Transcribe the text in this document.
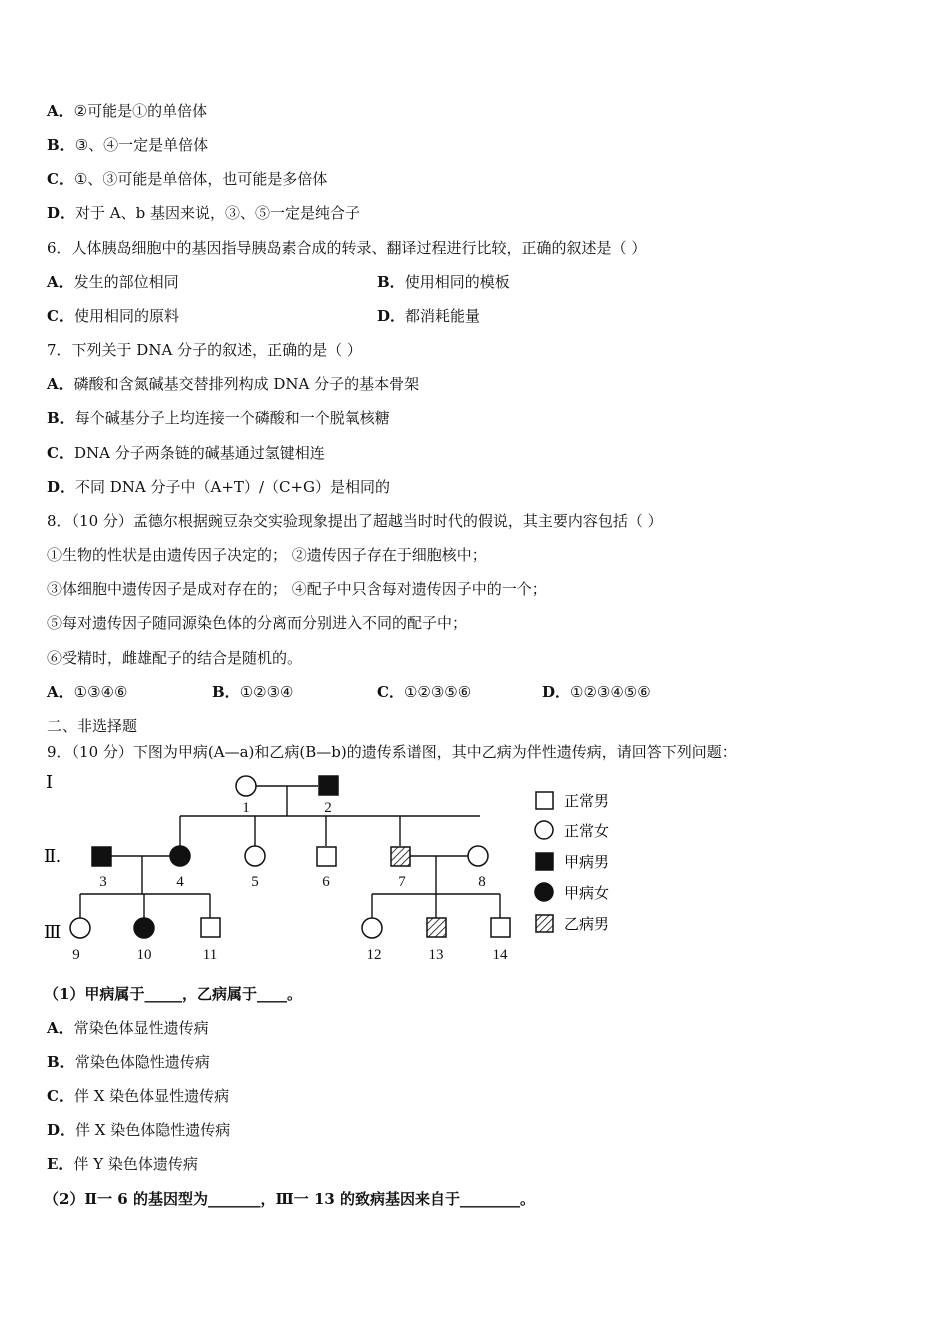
A．②可能是①的单倍体
B．③、④一定是单倍体
C．①、③可能是单倍体，也可能是多倍体
D．对于 A、b 基因来说，③、⑤一定是纯合子
6．人体胰岛细胞中的基因指导胰岛素合成的转录、翻译过程进行比较，正确的叙述是（ ）
A．发生的部位相同	B．使用相同的模板
C．使用相同的原料	D．都消耗能量
7．下列关于 DNA 分子的叙述，正确的是（ ）
A．磷酸和含氮碱基交替排列构成 DNA 分子的基本骨架
B．每个碱基分子上均连接一个磷酸和一个脱氧核糖
C．DNA 分子两条链的碱基通过氢键相连
D．不同 DNA 分子中（A+T）/（C+G）是相同的
8．（10 分）孟德尔根据豌豆杂交实验现象提出了超越当时时代的假说，其主要内容包括（ ）
①生物的性状是由遗传因子决定的； ②遗传因子存在于细胞核中；
③体细胞中遗传因子是成对存在的； ④配子中只含每对遗传因子中的一个；
⑤每对遗传因子随同源染色体的分离而分别进入不同的配子中；
⑥受精时，雌雄配子的结合是随机的。
A．①③④⑥	B．①②③④	C．①②③⑤⑥	D．①②③④⑤⑥
二、非选择题
9．（10 分）下图为甲病(A—a)和乙病(B—b)的遗传系谱图，其中乙病为伴性遗传病，请回答下列问题：
Ⅰ
Ⅱ.
Ⅲ
1	2
3	4	5	6	7	8
9	10	11	12	13	14
正常男
正常女
甲病男
甲病女
乙病男
（1）甲病属于_____，乙病属于____。
A．常染色体显性遗传病
B．常染色体隐性遗传病
C．伴 X 染色体显性遗传病
D．伴 X 染色体隐性遗传病
E．伴 Y 染色体遗传病
（2）Ⅱ一 6 的基因型为_______，Ⅲ一 13 的致病基因来自于________。
